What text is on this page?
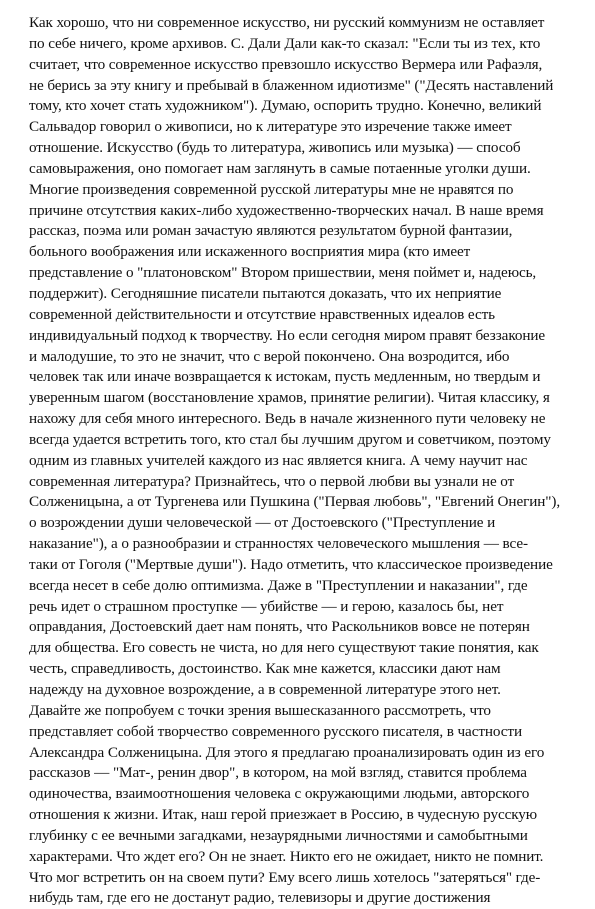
Как хорошо, что ни современное искусство, ни русский коммунизм не оставляет
по себе ничего, кроме архивов. С. Дали Дали как-то сказал: "Если ты из тех, кто
считает, что современное искусство превзошло искусство Вермера или Рафаэля,
не берись за эту книгу и пребывай в блаженном идиотизме" ("Десять наставлений
тому, кто хочет стать художником"). Думаю, оспорить трудно. Конечно, великий
Сальвадор говорил о живописи, но к литературе это изречение также имеет
отношение. Искусство (будь то литература, живопись или музыка) — способ
самовыражения, оно помогает нам заглянуть в самые потаенные уголки души.
Многие произведения современной русской литературы мне не нравятся по
причине отсутствия каких-либо художественно-творческих начал. В наше время
рассказ, поэма или роман зачастую являются результатом бурной фантазии,
больного воображения или искаженного восприятия мира (кто имеет
представление о "платоновском" Втором пришествии, меня поймет и, надеюсь,
поддержит). Сегодняшние писатели пытаются доказать, что их неприятие
современной действительности и отсутствие нравственных идеалов есть
индивидуальный подход к творчеству. Но если сегодня миром правят беззаконие
и малодушие, то это не значит, что с верой покончено. Она возродится, ибо
человек так или иначе возвращается к истокам, пусть медленным, но твердым и
уверенным шагом (восстановление храмов, принятие религии). Читая классику, я
нахожу для себя много интересного. Ведь в начале жизненного пути человеку не
всегда удается встретить того, кто стал бы лучшим другом и советчиком, поэтому
одним из главных учителей каждого из нас является книга. А чему научит нас
современная литература? Признайтесь, что о первой любви вы узнали не от
Солженицына, а от Тургенева или Пушкина ("Первая любовь", "Евгений Онегин"),
о возрождении души человеческой — от Достоевского ("Преступление и
наказание"), а о разнообразии и странностях человеческого мышления — все-
таки от Гоголя ("Мертвые души"). Надо отметить, что классическое произведение
всегда несет в себе долю оптимизма. Даже в "Преступлении и наказании", где
речь идет о страшном проступке — убийстве — и герою, казалось бы, нет
оправдания, Достоевский дает нам понять, что Раскольников вовсе не потерян
для общества. Его совесть не чиста, но для него существуют такие понятия, как
честь, справедливость, достоинство. Как мне кажется, классики дают нам
надежду на духовное возрождение, а в современной литературе этого нет.
Давайте же попробуем с точки зрения вышесказанного рассмотреть, что
представляет собой творчество современного русского писателя, в частности
Александра Солженицына. Для этого я предлагаю проанализировать один из его
рассказов — "Мат-, ренин двор", в котором, на мой взгляд, ставится проблема
одиночества, взаимоотношения человека с окружающими людьми, авторского
отношения к жизни. Итак, наш герой приезжает в Россию, в чудесную русскую
глубинку с ее вечными загадками, незаурядными личностями и самобытными
характерами. Что ждет его? Он не знает. Никто его не ожидает, никто не помнит.
Что мог встретить он на своем пути? Ему всего лишь хотелось "затеряться" где-
нибудь там, где его не достанут радио, телевизоры и другие достижения
